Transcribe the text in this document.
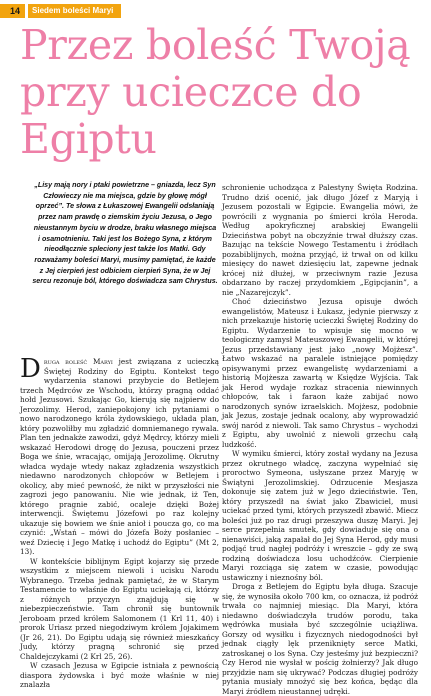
14	Siedem boleści Maryi
Przez boleść Twoją przy ucieczce do Egiptu
„Lisy mają nory i ptaki powietrzne – gniazda, lecz Syn Człowieczy nie ma miejsca, gdzie by głowę mógł oprzeć”. Te słowa z Łukaszowej Ewangelii odsłaniają przez nam prawdę o ziemskim życiu Jezusa, o Jego nieustannym byciu w drodze, braku własnego miejsca i osamotnieniu. Taki jest los Bożego Syna, z którym nieodłącznie spleciony jest także los Matki. Gdy rozważamy boleści Maryi, musimy pamiętać, że każde z Jej cierpień jest odbiciem cierpień Syna, że w Jej sercu rezonuje ból, którego doświadcza sam Chrystus.

Druga boleść Maryi jest związana z ucieczką Świętej Rodziny do Egiptu. Kontekst tego wydarzenia stanowi przybycie do Betlejem trzech Mędrców ze Wschodu, którzy pragną oddać hołd Jezusowi. Szukając Go, kierują się najpierw do Jerozolimy. Herod, zaniepokojony ich pytaniami o nowo narodzonego króla żydowskiego, układa plan, który pozwoliłby mu zgładzić domniemanego rywala. Plan ten jednakże zawodzi, gdyż Mędrcy, którzy mieli wskazać Herodowi drogę do Jezusa, pouczeni przez Boga we śnie, wracając, omijają Jerozolimę. Okrutny władca wydaje wtedy nakaz zgładzenia wszystkich niedawno narodzonych chłopców w Betlejem i okolicy, aby mieć pewność, że nikt w przyszłości nie zagrozi jego panowaniu. Nie wie jednak, iż Ten, którego pragnie zabić, ocaleje dzięki Bożej interwencji. Świętemu Józefowi po raz kolejny ukazuje się bowiem we śnie anioł i poucza go, co ma czynić: „Wstań – mówi do Józefa Boży posłaniec – weź Dziecię i Jego Matkę i uchodź do Egiptu” (Mt 2, 13).

W kontekście biblijnym Egipt kojarzy się przede wszystkim z miejscem niewoli i ucisku Narodu Wybranego. Trzeba jednak pamiętać, że w Starym Testamencie to właśnie do Egiptu uciekają ci, którzy z różnych przyczyn znajdują się w niebezpieczeństwie. Tam chronił się buntownik Jeroboam przed królem Salomonem (1 Krl 11, 40) i prorok Uriasz przed niegodziwym królem Jojakimem (Jr 26, 21). Do Egiptu udają się również mieszkańcy Judy, którzy pragną schronić się przed Chaldejczykami (2 Krl 25, 26).

W czasach Jezusa w Egipcie istniała z pewnością diaspora żydowska i być może właśnie w niej znalazła

schronienie uchodząca z Palestyny Święta Rodzina. Trudno dziś ocenić, jak długo Józef z Maryją i Jezusem pozostali w Egipcie. Ewangelia mówi, że powrócili z wygnania po śmierci króla Heroda. Według apokryficznej arabskiej Ewangelii Dzieciństwa pobyt na obczyźnie trwał dłuższy czas. Bazując na tekście Nowego Testamentu i źródłach pozabiblijnych, można przyjąć, iż trwał on od kilku miesięcy do nawet dziesięciu lat, zapewne jednak krócej niż dłużej, w przeciwnym razie Jezusa obdarzano by raczej przydomkiem „Egipcjanin”, a nie „Nazarejczyk”.

Choć dzieciństwo Jezusa opisuje dwóch ewangelistów, Mateusz i Łukasz, jedynie pierwszy z nich przekazuje historię ucieczki Świętej Rodziny do Egiptu. Wydarzenie to wpisuje się mocno w teologiczny zamysł Mateuszowej Ewangelii, w której Jezus przedstawiany jest jako „nowy Mojżesz”. Łatwo wskazać na paralele istniejące pomiędzy opisywanymi przez ewangelistę wydarzeniami a historią Mojżesza zawartą w Księdze Wyjścia. Tak jak Herod wydaje rozkaz stracenia niewinnych chłopców, tak i faraon każe zabijać nowo narodzonych synów izraelskich. Mojżesz, podobnie jak Jezus, zostaje jednak ocalony, aby wyprowadzić swój naród z niewoli. Tak samo Chrystus – wychodzi z Egiptu, aby uwolnić z niewoli grzechu całą ludzkość.

W wymiku śmierci, który został wydany na Jezusa przez okrutnego władcę, zaczyna wypełniać się proroctwo Symeona, usłyszane przez Maryję w Świątyni Jerozolimskiej. Odrzucenie Mesjasza dokonuje się zatem już w Jego dzieciństwie. Ten, który przyszedł na świat jako Zbawiciel, musi uciekać przed tymi, których przyszedł zbawić. Miecz boleści już po raz drugi przeszywa duszę Maryi. Jej serce przepełnia smutek, gdy dowiaduje się ona o nienawiści, jaką zapałał do Jej Syna Herod, gdy musi podjąć trud nagłej podróży i wreszcie – gdy ze swą rodziną doświadcza losu uchodźców. Cierpienie Maryi rozciąga się zatem w czasie, powodując ustawiczny i nieznośny ból.

Droga z Betlejem do Egiptu była długa. Szacuje się, że wynosiła około 700 km, co oznacza, iż podróż trwała co najmniej miesiąc. Dla Maryi, która niedawno doświadczyła trudów porodu, taka wędrówka musiała być szczególnie uciążliwa. Gorszy od wysiłku i fizycznych niedogodności był jednak ciągły lęk przeniknięty serce Matki, zatroskanej o los Syna. Czy jesteśmy już bezpieczni? Czy Herod nie wysłał w pościg żołnierzy? Jak długo przyjdzie nam się ukrywać? Podczas długiej podróży pytania musiały mnożyć się bez końca, będąc dla Maryi źródłem nieustannej udręki.
